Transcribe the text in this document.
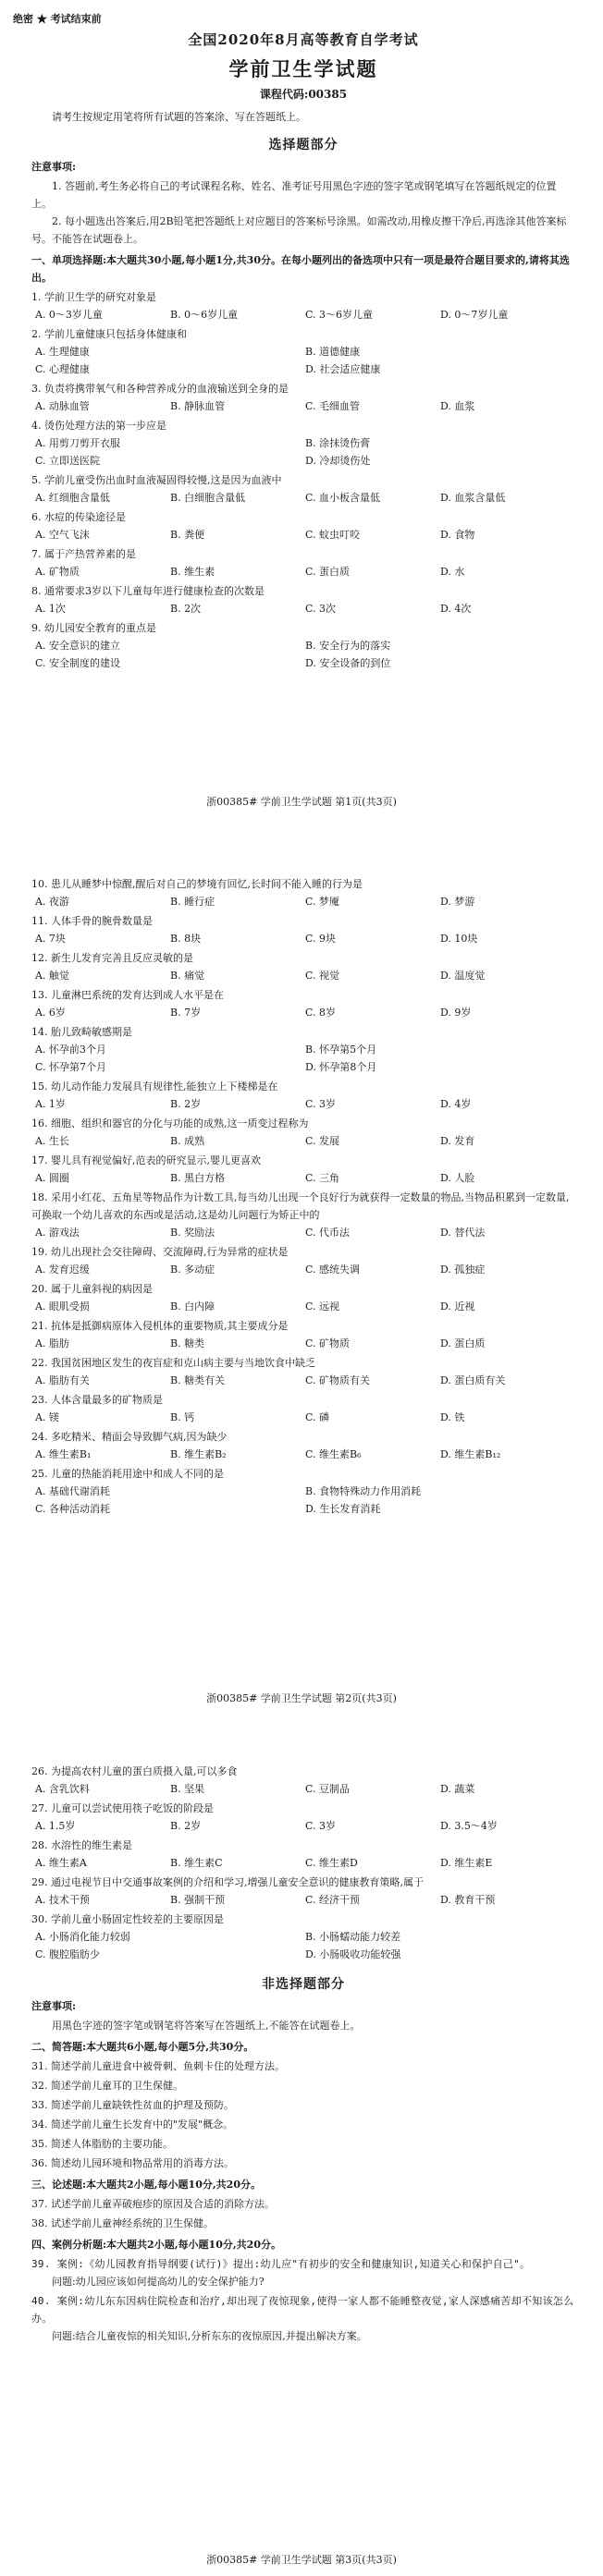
绝密 ★ 考试结束前
全国2020年8月高等教育自学考试
学前卫生学试题
课程代码:00385
请考生按规定用笔将所有试题的答案涂、写在答题纸上。
选择题部分
注意事项:

1. 答题前,考生务必将自己的考试课程名称、姓名、准考证号用黑色字迹的签字笔或钢笔填写在答题纸规定的位置上。

2. 每小题选出答案后,用2B铅笔把答题纸上对应题目的答案标号涂黑。如需改动,用橡皮擦干净后,再选涂其他答案标号。不能答在试题卷上。

一、单项选择题:本大题共30小题,每小题1分,共30分。在每小题列出的备选项中只有一项是最符合题目要求的,请将其选出。
1. 学前卫生学的研究对象是
A. 0～3岁儿童	B. 0～6岁儿童	C. 3～6岁儿童	D. 0～7岁儿童
2. 学前儿童健康只包括身体健康和
A. 生理健康	B. 道德健康
C. 心理健康	D. 社会适应健康
3. 负责将携带氧气和各种营养成分的血液输送到全身的是
A. 动脉血管	B. 静脉血管	C. 毛细血管	D. 血浆
4. 烫伤处理方法的第一步应是
A. 用剪刀剪开衣服	B. 涂抹烫伤膏
C. 立即送医院	D. 冷却烫伤处
5. 学前儿童受伤出血时血液凝固得较慢,这是因为血液中
A. 红细胞含量低	B. 白细胞含量低	C. 血小板含量低	D. 血浆含量低
6. 水痘的传染途径是
A. 空气飞沫	B. 粪便	C. 蚊虫叮咬	D. 食物
7. 属于产热营养素的是
A. 矿物质	B. 维生素	C. 蛋白质	D. 水
8. 通常要求3岁以下儿童每年进行健康检查的次数是
A. 1次	B. 2次	C. 3次	D. 4次
9. 幼儿园安全教育的重点是
A. 安全意识的建立	B. 安全行为的落实
C. 安全制度的建设	D. 安全设备的到位
浙00385# 学前卫生学试题 第1页(共3页)
10. 患儿从睡梦中惊醒,醒后对自己的梦境有回忆,长时间不能入睡的行为是
A. 夜游	B. 睡行症	C. 梦魇	D. 梦游
11. 人体手骨的腕骨数量是
A. 7块	B. 8块	C. 9块	D. 10块
12. 新生儿发育完善且反应灵敏的是
A. 触觉	B. 痛觉	C. 视觉	D. 温度觉
13. 儿童淋巴系统的发育达到成人水平是在
A. 6岁	B. 7岁	C. 8岁	D. 9岁
14. 胎儿致畸敏感期是
A. 怀孕前3个月	B. 怀孕第5个月
C. 怀孕第7个月	D. 怀孕第8个月
15. 幼儿动作能力发展具有规律性,能独立上下楼梯是在
A. 1岁	B. 2岁	C. 3岁	D. 4岁
16. 细胞、组织和器官的分化与功能的成熟,这一质变过程称为
A. 生长	B. 成熟	C. 发展	D. 发育
17. 婴儿具有视觉偏好,范表的研究显示,婴儿更喜欢
A. 圆圈	B. 黑白方格	C. 三角	D. 人脸
18. 采用小红花、五角星等物品作为计数工具,每当幼儿出现一个良好行为就获得一定数量的物品,当物品积累到一定数量,可换取一个幼儿喜欢的东西或是活动,这是幼儿问题行为矫正中的
A. 游戏法	B. 奖励法	C. 代币法	D. 替代法
19. 幼儿出现社会交往障碍、交流障碍,行为异常的症状是
A. 发育迟缓	B. 多动症	C. 感统失调	D. 孤独症
20. 属于儿童斜视的病因是
A. 眼肌受损	B. 白内障	C. 远视	D. 近视
21. 抗体是抵御病原体入侵机体的重要物质,其主要成分是
A. 脂肪	B. 糖类	C. 矿物质	D. 蛋白质
22. 我国贫困地区发生的夜盲症和克山病主要与当地饮食中缺乏
A. 脂肪有关	B. 糖类有关	C. 矿物质有关	D. 蛋白质有关
23. 人体含量最多的矿物质是
A. 镁	B. 钙	C. 磷	D. 铁
24. 多吃精米、精面会导致脚气病,因为缺少
A. 维生素B₁	B. 维生素B₂	C. 维生素B₆	D. 维生素B₁₂
25. 儿童的热能消耗用途中和成人不同的是
A. 基础代谢消耗	B. 食物特殊动力作用消耗
C. 各种活动消耗	D. 生长发育消耗
浙00385# 学前卫生学试题 第2页(共3页)
26. 为提高农村儿童的蛋白质摄入量,可以多食
A. 含乳饮料	B. 坚果	C. 豆制品	D. 蔬菜
27. 儿童可以尝试使用筷子吃饭的阶段是
A. 1.5岁	B. 2岁	C. 3岁	D. 3.5～4岁
28. 水溶性的维生素是
A. 维生素A	B. 维生素C	C. 维生素D	D. 维生素E
29. 通过电视节目中交通事故案例的介绍和学习,增强儿童安全意识的健康教育策略,属于
A. 技术干预	B. 强制干预	C. 经济干预	D. 教育干预
30. 学前儿童小肠固定性较差的主要原因是
A. 小肠消化能力较弱	B. 小肠蠕动能力较差
C. 腹腔脂肪少	D. 小肠吸收功能较强
非选择题部分
注意事项:

用黑色字迹的签字笔或钢笔将答案写在答题纸上,不能答在试题卷上。

二、简答题:本大题共6小题,每小题5分,共30分。
31. 简述学前儿童进食中被骨刺、鱼刺卡住的处理方法。
32. 简述学前儿童耳的卫生保健。
33. 简述学前儿童缺铁性贫血的护理及预防。
34. 简述学前儿童生长发育中的"发展"概念。
35. 简述人体脂肪的主要功能。
36. 简述幼儿园环境和物品常用的消毒方法。
三、论述题:本大题共2小题,每小题10分,共20分。
37. 试述学前儿童弄破疱疹的原因及合适的消除方法。
38. 试述学前儿童神经系统的卫生保健。
四、案例分析题:本大题共2小题,每小题10分,共20分。
39. 案例:《幼儿园教育指导纲要(试行)》提出:幼儿应"有初步的安全和健康知识,知道关心和保护自己"。

问题:幼儿园应该如何提高幼儿的安全保护能力?

40. 案例:幼儿东东因病住院检查和治疗,却出现了夜惊现象,使得一家人都不能睡整夜觉,家人深感痛苦却不知该怎么办。

问题:结合儿童夜惊的相关知识,分析东东的夜惊原因,并提出解决方案。

浙00385# 学前卫生学试题 第3页(共3页)
